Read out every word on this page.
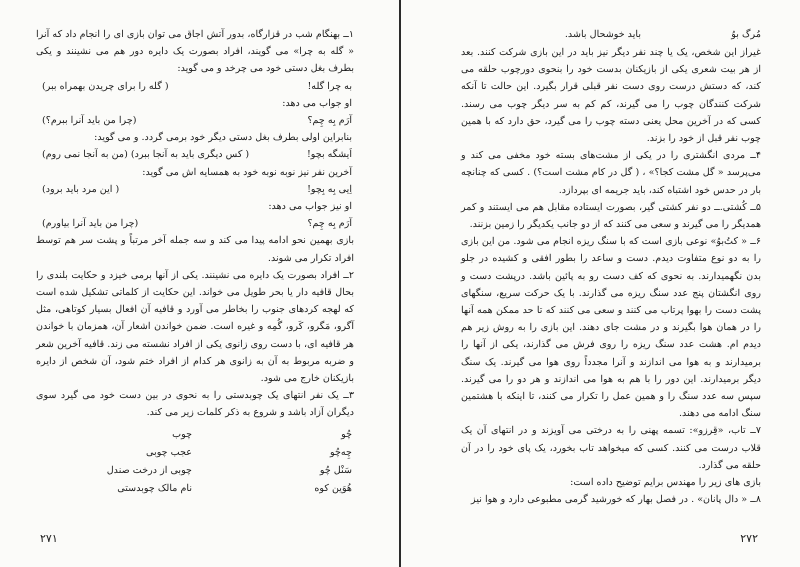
۱ــ بهنگام شب در قزارگاه، بدور آتش اجاق می توان بازی ای را انجام داد که آنرا « گله به چرا» می گویند، افراد بصورت یک دایره دور هم می نشینند و یکی بطرف بغل دستی خود می چرخد و می گوید:

به چرا گله!
( گله را برای چریدن بهمراه ببر)
او جواب می دهد:
آرَم بِه چِم؟
(چرا من باید آنرا ببرم؟)
بنابراین اولی بطرف بغل دستی دیگر خود برمی گردد. و می گوید:
اَیشگه بچو!
( کس دیگری باید به آنجا ببرد) (من به آنجا نمی روم)
آخرین نفر نیز نوبه نوبه خود به همسایه اش می گوید:
اِیی بِه بِچو!
( این مرد باید برود)
او نیز جواب می دهد:
آرَم بِه چِم؟
(چرا من باید آنرا بیاورم)

بازی بهمین نحو ادامه پیدا می کند و سه جمله آخر مرتباً و پشت سر هم توسط افراد تکرار می شوند.

۲ــ افراد بصورت یک دایره می نشینند. یکی از آنها برمی خیزد و حکایت بلندی را بحال قافیه دار یا بحر طویل می خواند. این حکایت از کلماتی تشکیل شده است که لهجه کردهای جنوب را بخاطر می آورد و قافیه آن افعال بسیار کوتاهی، مثل آگرو، مَگرو، کَرو، گُمِه و غیره است. ضمن خواندن اشعار آن، همزمان با خواندن هر قافیه ای، با دست روی زانوی یکی از افراد نشسته می زند. قافیه آخرین شعر و ضربه مربوط به آن به زانوی هر کدام از افراد ختم شود، آن شخص از دایره بازیکنان خارج می شود.

۳ــ یک نفر انتهای یک چوبدستی را به نحوی در بین دست خود می گیرد سوی دیگران آزاد باشد و شروع به ذکر کلمات زیر می کند.

چُو
چوب
چِه‌چُو
عجب چوبی
سَنْل چُو
چوبی از درخت صندل
هُوَین کوه
نام مالک چوبدستی
۲۷۱
مُرگ بوُ
باید خوشحال باشد.

غیراز این شخص، یک یا چند نفر دیگر نیز باید در این بازی شرکت کنند. بعد از هر بیت شعری یکی از بازیکنان بدست خود را بنحوی دورچوب حلقه می کند، که دستش درست روی دست نفر قبلی قرار بگیرد. این حالت تا آنکه شرکت کنندگان چوب را می گیرند، کم کم به سر دیگر چوب می رسند. کسی که در آخرین محل یعنی دسته چوب را می گیرد، حق دارد که با همین چوب نفر قبل از خود را بزند.

۴ــ مردی انگشتری را در یکی از مشت‌های بسته خود مخفی می کند و می‌پرسد « گل مشت کجا؟» ، ( گل در کام مشت است؟) . کسی که چنانچه بار در حدس خود اشتباه کند، باید جریمه ای بپردازد.

۵ــ کُشتی.ــ دو نفر کشتی گیر، بصورت ایستاده مقابل هم می ایستند و کمر همدیگر را می گیرند و سعی می کنند که از دو جانب یکدیگر را زمین بزنند.

۶ــ « کتُ‌بوُ» نوعی بازی است که با سنگ ریزه انجام می شود. من این بازی را به دو نوع متفاوت دیدم. دست و ساعد را بطور افقی و کشیده در جلو بدن نگهمیدارند. به نحوی که کف دست رو به پائین باشد. درپشت دست و روی انگشتان پنج عدد سنگ ریزه می گذارند. با یک حرکت سریع، سنگهای پشت دست را بهوا پرتاب می کنند و سعی می کنند که تا حد ممکن همه آنها را در همان هوا بگیرند و در مشت جای دهند. این بازی را به روش زیر هم دیدم ام. هشت عدد سنگ ریزه را روی فرش می گذارند، یکی از آنها را برمیدارند و به هوا می اندازند و آنرا مجدداً روی هوا می گیرند. یک سنگ دیگر برمیدارند. این دور را با هم به هوا می اندازند و هر دو را می گیرند. سپس سه عدد سنگ را و همین عمل را تکرار می کنند، تا اینکه با هشتمین سنگ ادامه می دهند.

۷ــ تاب، «قِرزو»: تسمه پهنی را به درختی می آویزند و در انتهای آن یک قلاب درست می کنند. کسی که میخواهد تاب بخورد، یک پای خود را در آن حلقه می گذارد.

بازی های زیر را مهندس برایم توضیح داده است:

۸ــ « دال پانان» . در فصل بهار که خورشید گرمی مطبوعی دارد و هوا نیز

۲۷۲
